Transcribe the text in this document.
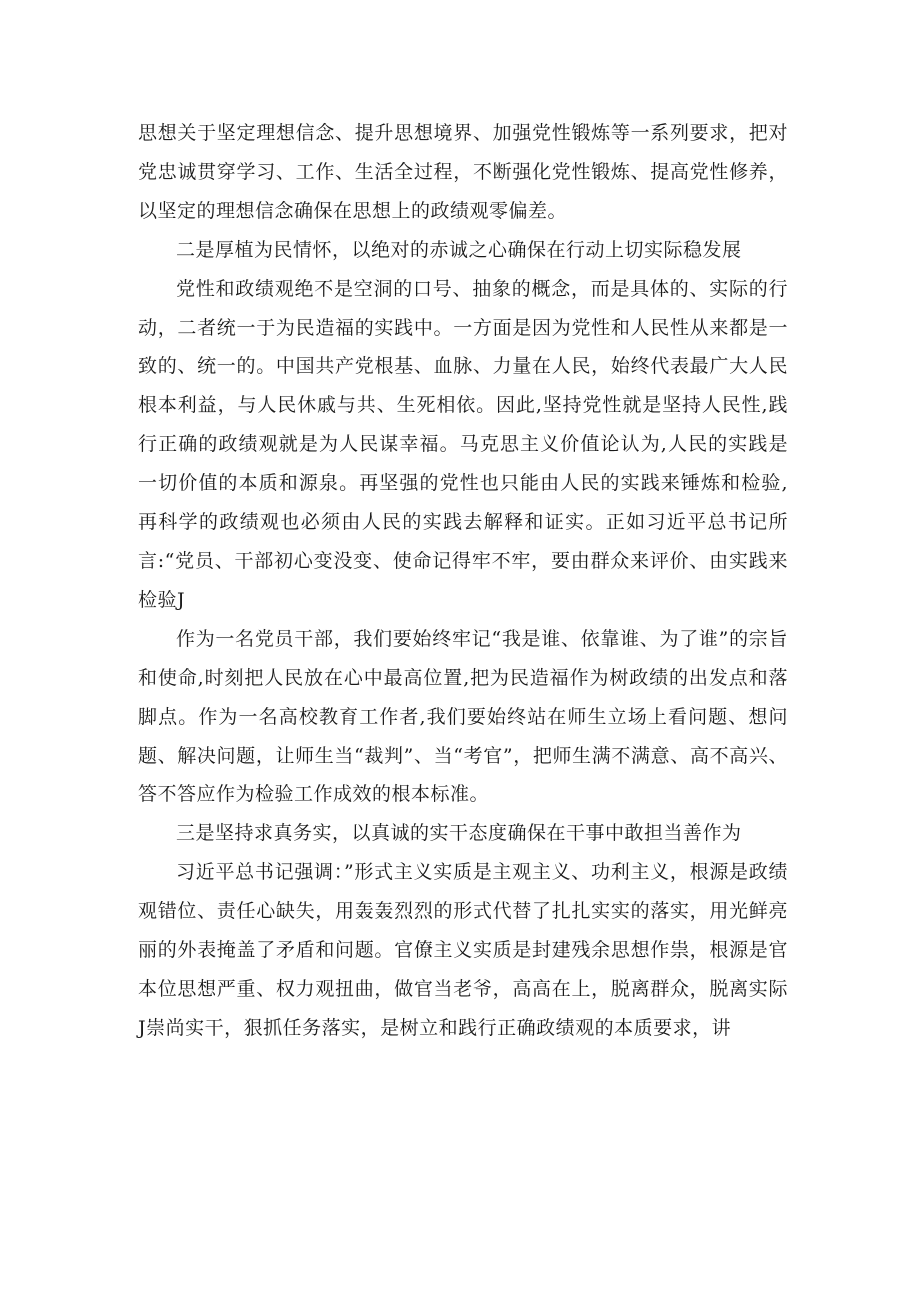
思想关于坚定理想信念、提升思想境界、加强党性锻炼等一系列要求，把对党忠诚贯穿学习、工作、生活全过程，不断强化党性锻炼、提高党性修养，以坚定的理想信念确保在思想上的政绩观零偏差。

二是厚植为民情怀，以绝对的赤诚之心确保在行动上切实际稳发展

党性和政绩观绝不是空洞的口号、抽象的概念，而是具体的、实际的行动，二者统一于为民造福的实践中。一方面是因为党性和人民性从来都是一致的、统一的。中国共产党根基、血脉、力量在人民，始终代表最广大人民根本利益，与人民休戚与共、生死相依。因此,坚持党性就是坚持人民性,践行正确的政绩观就是为人民谋幸福。马克思主义价值论认为,人民的实践是一切价值的本质和源泉。再坚强的党性也只能由人民的实践来锤炼和检验,再科学的政绩观也必须由人民的实践去解释和证实。正如习近平总书记所言:“党员、干部初心变没变、使命记得牢不牢，要由群众来评价、由实践来检验J

作为一名党员干部，我们要始终牢记“我是谁、依靠谁、为了谁”的宗旨和使命,时刻把人民放在心中最高位置,把为民造福作为树政绩的出发点和落脚点。作为一名高校教育工作者,我们要始终站在师生立场上看问题、想问题、解决问题，让师生当“裁判”、当“考官”，把师生满不满意、高不高兴、答不答应作为检验工作成效的根本标准。

三是坚持求真务实，以真诚的实干态度确保在干事中敢担当善作为

习近平总书记强调：”形式主义实质是主观主义、功利主义，根源是政绩观错位、责任心缺失，用轰轰烈烈的形式代替了扎扎实实的落实，用光鲜亮丽的外表掩盖了矛盾和问题。官僚主义实质是封建残余思想作祟，根源是官本位思想严重、权力观扭曲，做官当老爷，高高在上，脱离群众，脱离实际J崇尚实干，狠抓任务落实，是树立和践行正确政绩观的本质要求，讲
